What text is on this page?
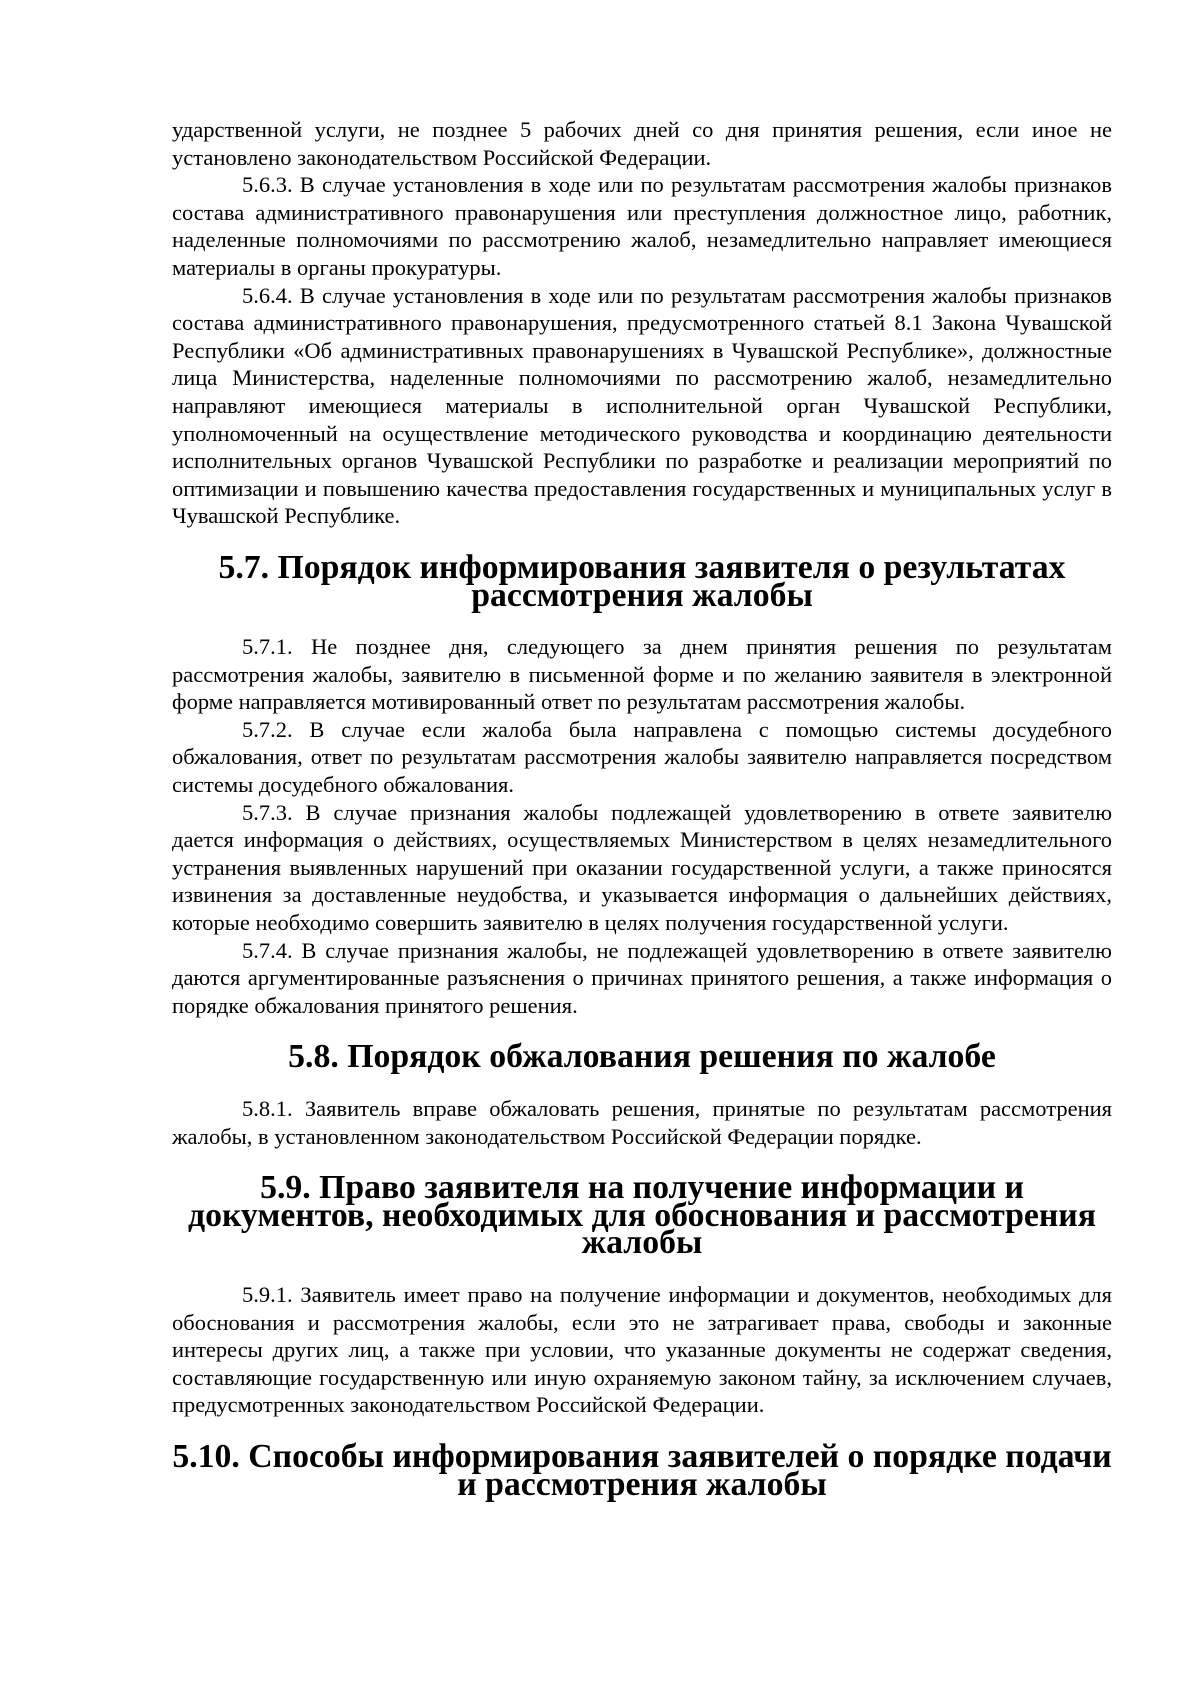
ударственной услуги, не позднее 5 рабочих дней со дня принятия решения, если иное не установлено законодательством Российской Федерации.

5.6.3. В случае установления в ходе или по результатам рассмотрения жалобы признаков состава административного правонарушения или преступления должностное лицо, работник, наделенные полномочиями по рассмотрению жалоб, незамедлительно направляет имеющиеся материалы в органы прокуратуры.

5.6.4. В случае установления в ходе или по результатам рассмотрения жалобы признаков состава административного правонарушения, предусмотренного статьей 8.1 Закона Чувашской Республики «Об административных правонарушениях в Чувашской Республике», должностные лица Министерства, наделенные полномочиями по рассмотрению жалоб, незамедлительно направляют имеющиеся материалы в исполнительной орган Чувашской Республики, уполномоченный на осуществление методического руководства и координацию деятельности исполнительных органов Чувашской Республики по разработке и реализации мероприятий по оптимизации и повышению качества предоставления государственных и муниципальных услуг в Чувашской Республике.

5.7. Порядок информирования заявителя о результатах рассмотрения жалобы

5.7.1. Не позднее дня, следующего за днем принятия решения по результатам рассмотрения жалобы, заявителю в письменной форме и по желанию заявителя в электронной форме направляется мотивированный ответ по результатам рассмотрения жалобы.

5.7.2. В случае если жалоба была направлена с помощью системы досудебного обжалования, ответ по результатам рассмотрения жалобы заявителю направляется посредством системы досудебного обжалования.

5.7.3. В случае признания жалобы подлежащей удовлетворению в ответе заявителю дается информация о действиях, осуществляемых Министерством в целях незамедлительного устранения выявленных нарушений при оказании государственной услуги, а также приносятся извинения за доставленные неудобства, и указывается информация о дальнейших действиях, которые необходимо совершить заявителю в целях получения государственной услуги.

5.7.4. В случае признания жалобы, не подлежащей удовлетворению в ответе заявителю даются аргументированные разъяснения о причинах принятого решения, а также информация о порядке обжалования принятого решения.

5.8. Порядок обжалования решения по жалобе

5.8.1. Заявитель вправе обжаловать решения, принятые по результатам рассмотрения жалобы, в установленном законодательством Российской Федерации порядке.

5.9. Право заявителя на получение информации и документов, необходимых для обоснования и рассмотрения жалобы

5.9.1. Заявитель имеет право на получение информации и документов, необходимых для обоснования и рассмотрения жалобы, если это не затрагивает права, свободы и законные интересы других лиц, а также при условии, что указанные документы не содержат сведения, составляющие государственную или иную охраняемую законом тайну, за исключением случаев, предусмотренных законодательством Российской Федерации.

5.10. Способы информирования заявителей о порядке подачи и рассмотрения жалобы
